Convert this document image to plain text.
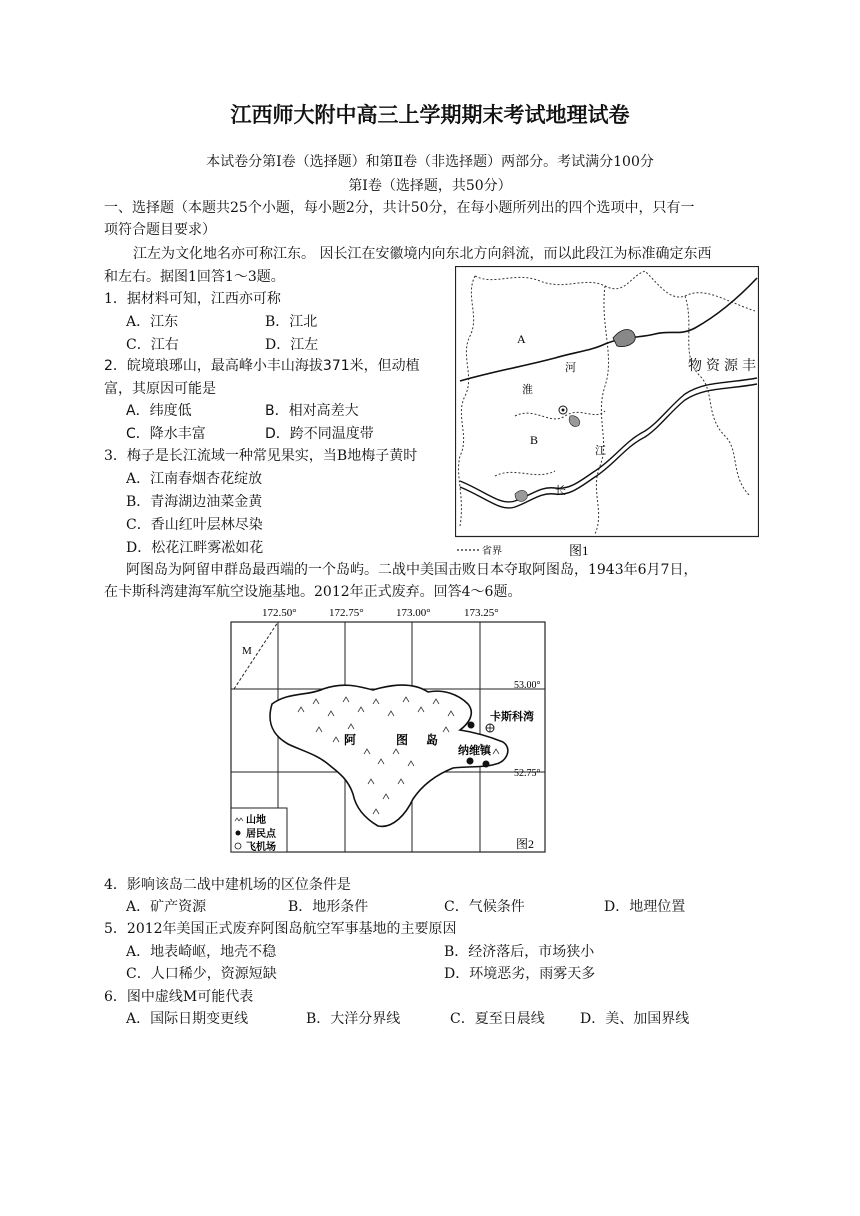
江西师大附中高三上学期期末考试地理试卷
本试卷分第Ⅰ卷（选择题）和第Ⅱ卷（非选择题）两部分。考试满分100分
第Ⅰ卷（选择题，共50分）
一、选择题（本题共25个小题，每小题2分，共计50分，在每小题所列出的四个选项中，只有一
项符合题目要求）
江左为文化地名亦可称江东。 因长江在安徽境内向东北方向斜流，而以此段江为标准确定东西
和左右。据图1回答1～3题。
1．据材料可知，江西亦可称
A．江东	B．江北
C．江右	D．江左
2．皖境琅琊山，最高峰小丰山海拔371米，但动植	物资源丰
富，其原因可能是
A．纬度低	B．相对高差大
C．降水丰富	D．跨不同温度带
3．梅子是长江流域一种常见果实，当B地梅子黄时
A．江南春烟杏花绽放
B．青海湖边油菜金黄
C．香山红叶层林尽染
D．松花江畔雾凇如花
A
河
淮
B
江
长
省界	图1
阿图岛为阿留申群岛最西端的一个岛屿。二战中美国击败日本夺取阿图岛，1943年6月7日，
在卡斯科湾建海军航空设施基地。2012年正式废弃。回答4～6题。
172.50°	172.75°	173.00°	173.25°
53.00°
52.75°
M
阿	图 岛
卡斯科湾
纳维镇
山地
居民点
飞机场	图2
4．影响该岛二战中建机场的区位条件是
A．矿产资源	B．地形条件	C．气候条件	D．地理位置
5．2012年美国正式废弃阿图岛航空军事基地的主要原因
A．地表崎岖，地壳不稳	B．经济落后，市场狭小
C．人口稀少，资源短缺	D．环境恶劣，雨雾天多
6．图中虚线M可能代表
A．国际日期变更线	B．大洋分界线	C．夏至日晨线	D．美、加国界线
